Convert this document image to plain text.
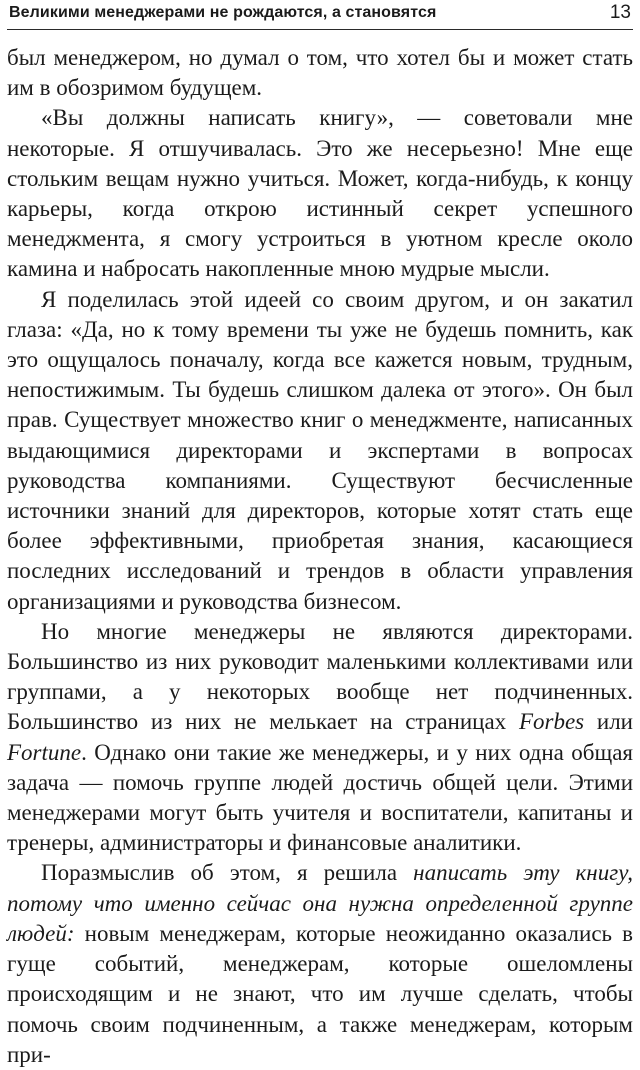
Великими менеджерами не рождаются, а становятся	13

был менеджером, но думал о том, что хотел бы и может стать им в обозримом будущем.

«Вы должны написать книгу», — советовали мне некоторые. Я отшучивалась. Это же несерьезно! Мне еще стольким вещам нужно учиться. Может, когда-нибудь, к концу карьеры, когда открою истинный секрет успешного менеджмента, я смогу устроиться в уютном кресле около камина и набросать накопленные мною мудрые мысли.

Я поделилась этой идеей со своим другом, и он закатил глаза: «Да, но к тому времени ты уже не будешь помнить, как это ощущалось поначалу, когда все кажется новым, трудным, непостижимым. Ты будешь слишком далека от этого». Он был прав. Существует множество книг о менеджменте, написанных выдающимися директорами и экспертами в вопросах руководства компаниями. Существуют бесчисленные источники знаний для директоров, которые хотят стать еще более эффективными, приобретая знания, касающиеся последних исследований и трендов в области управления организациями и руководства бизнесом.

Но многие менеджеры не являются директорами. Большинство из них руководит маленькими коллективами или группами, а у некоторых вообще нет подчиненных. Большинство из них не мелькает на страницах Forbes или Fortune. Однако они такие же менеджеры, и у них одна общая задача — помочь группе людей достичь общей цели. Этими менеджерами могут быть учителя и воспитатели, капитаны и тренеры, администраторы и финансовые аналитики.

Поразмыслив об этом, я решила написать эту книгу, потому что именно сейчас она нужна определенной группе людей: новым менеджерам, которые неожиданно оказались в гуще событий, менеджерам, которые ошеломлены происходящим и не знают, что им лучше сделать, чтобы помочь своим подчиненным, а также менеджерам, которым при-
